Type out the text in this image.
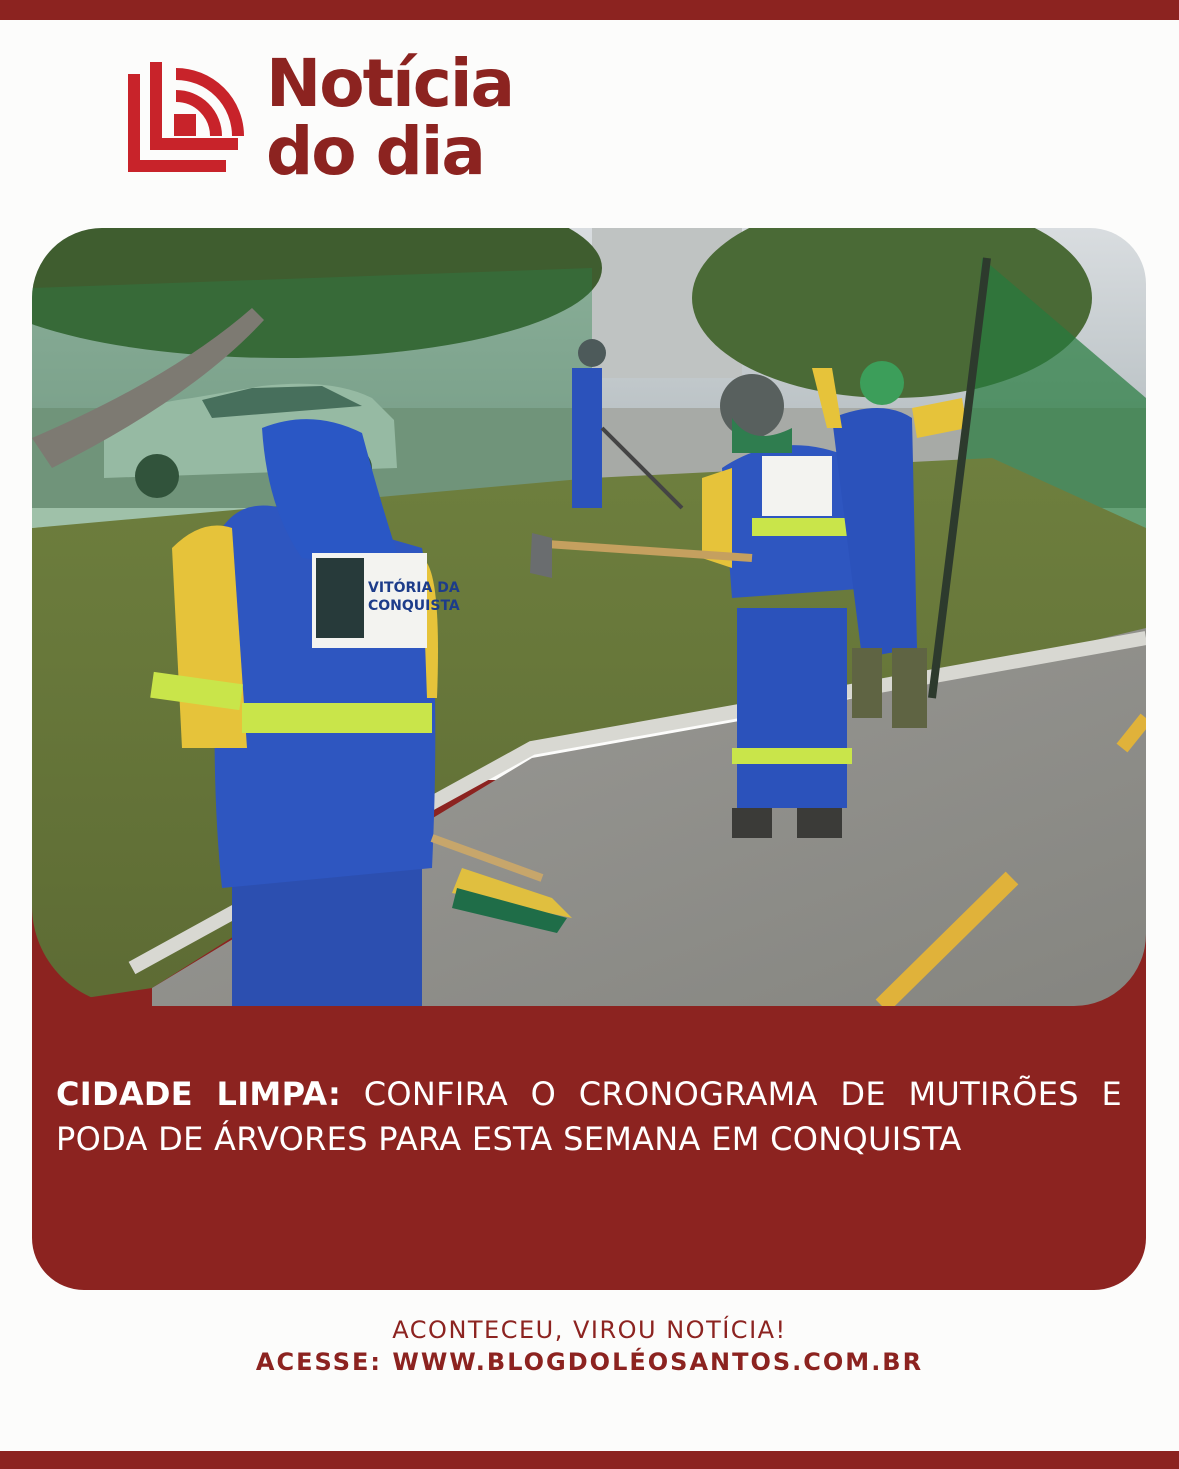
Notícia
do dia
VITÓRIA DA
CONQUISTA
CIDADE LIMPA: CONFIRA O CRONOGRAMA DE MUTIRÕES E PODA DE ÁRVORES PARA ESTA SEMANA EM CONQUISTA
ACONTECEU, VIROU NOTÍCIA!
ACESSE: WWW.BLOGDOLÉOSANTOS.COM.BR
